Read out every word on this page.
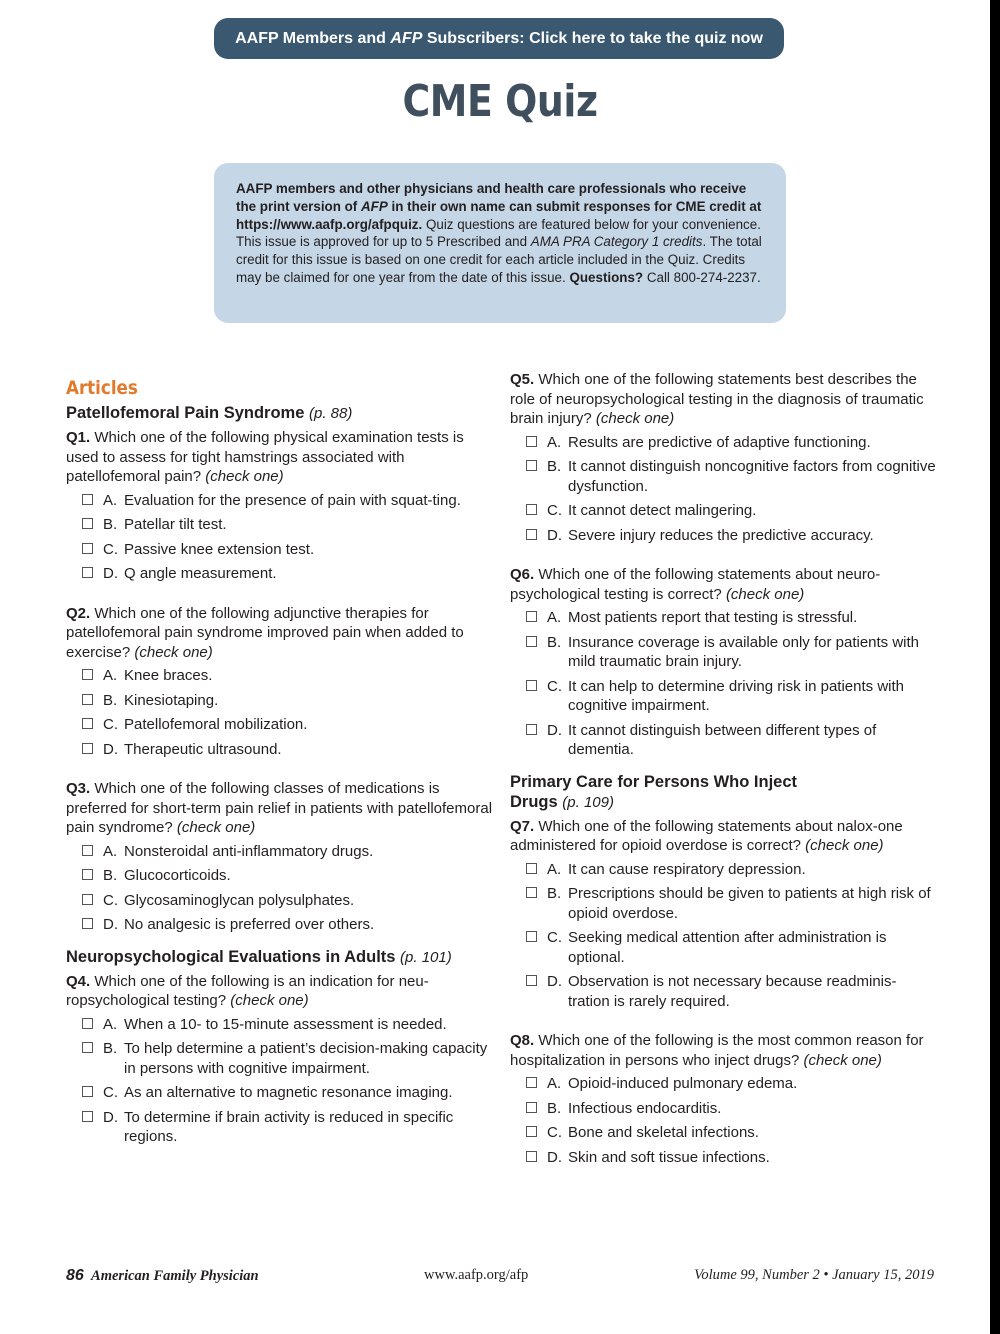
AAFP Members and AFP Subscribers: Click here to take the quiz now
CME Quiz
AAFP members and other physicians and health care professionals who receive the print version of AFP in their own name can submit responses for CME credit at https://www.aafp.org/afpquiz. Quiz questions are featured below for your convenience. This issue is approved for up to 5 Prescribed and AMA PRA Category 1 credits. The total credit for this issue is based on one credit for each article included in the Quiz. Credits may be claimed for one year from the date of this issue. Questions? Call 800-274-2237.
Articles
Patellofemoral Pain Syndrome (p. 88)
Q1. Which one of the following physical examination tests is used to assess for tight hamstrings associated with patellofemoral pain? (check one)
A. Evaluation for the presence of pain with squat-ting.
B. Patellar tilt test.
C. Passive knee extension test.
D. Q angle measurement.
Q2. Which one of the following adjunctive therapies for patellofemoral pain syndrome improved pain when added to exercise? (check one)
A. Knee braces.
B. Kinesiotaping.
C. Patellofemoral mobilization.
D. Therapeutic ultrasound.
Q3. Which one of the following classes of medications is preferred for short-term pain relief in patients with patellofemoral pain syndrome? (check one)
A. Nonsteroidal anti-inflammatory drugs.
B. Glucocorticoids.
C. Glycosaminoglycan polysulphates.
D. No analgesic is preferred over others.
Neuropsychological Evaluations in Adults (p. 101)
Q4. Which one of the following is an indication for neu-ropsychological testing? (check one)
A. When a 10- to 15-minute assessment is needed.
B. To help determine a patient’s decision-making capacity in persons with cognitive impairment.
C. As an alternative to magnetic resonance imaging.
D. To determine if brain activity is reduced in specific regions.
Q5. Which one of the following statements best describes the role of neuropsychological testing in the diagnosis of traumatic brain injury? (check one)
A. Results are predictive of adaptive functioning.
B. It cannot distinguish noncognitive factors from cognitive dysfunction.
C. It cannot detect malingering.
D. Severe injury reduces the predictive accuracy.
Q6. Which one of the following statements about neuro-psychological testing is correct? (check one)
A. Most patients report that testing is stressful.
B. Insurance coverage is available only for patients with mild traumatic brain injury.
C. It can help to determine driving risk in patients with cognitive impairment.
D. It cannot distinguish between different types of dementia.
Primary Care for Persons Who Inject Drugs (p. 109)
Q7. Which one of the following statements about nalox-one administered for opioid overdose is correct? (check one)
A. It can cause respiratory depression.
B. Prescriptions should be given to patients at high risk of opioid overdose.
C. Seeking medical attention after administration is optional.
D. Observation is not necessary because readminis-tration is rarely required.
Q8. Which one of the following is the most common reason for hospitalization in persons who inject drugs? (check one)
A. Opioid-induced pulmonary edema.
B. Infectious endocarditis.
C. Bone and skeletal infections.
D. Skin and soft tissue infections.
86 American Family Physician	www.aafp.org/afp	Volume 99, Number 2 • January 15, 2019
